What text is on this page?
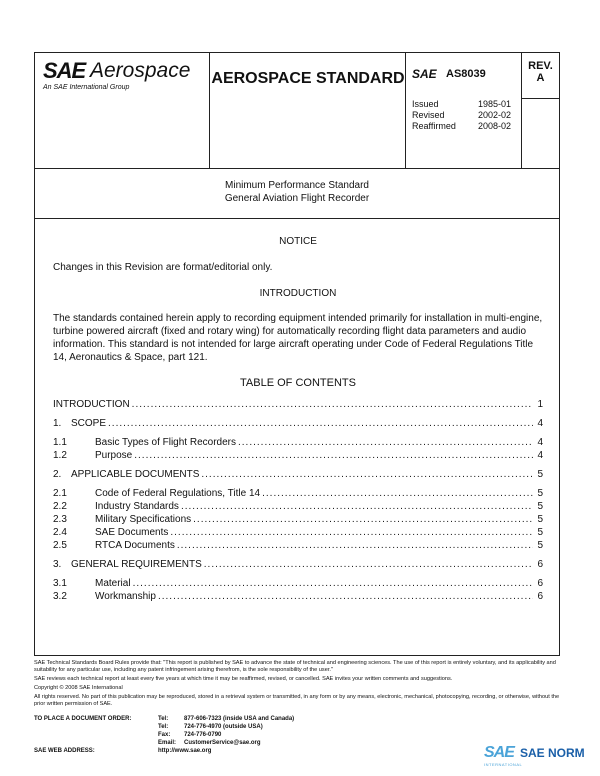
SAE Aerospace
An SAE International Group
AEROSPACE STANDARD SAE AS8039
Issued	1985-01
Revised	2002-02
Reaffirmed 2008-02
REV.
A
Minimum Performance Standard
General Aviation Flight Recorder
NOTICE
Changes in this Revision are format/editorial only.
INTRODUCTION
The standards contained herein apply to recording equipment intended primarily for installation in multi-engine, turbine powered aircraft (fixed and rotary wing) for automatically recording flight data parameters and audio information. This standard is not intended for large aircraft operating under Code of Federal Regulations Title 14, Aeronautics & Space, part 121.
TABLE OF CONTENTS
INTRODUCTION .....	1
1. SCOPE .....	4
1.1	Basic Types of Flight Recorders .....	4
1.2	Purpose .....	4
2. APPLICABLE DOCUMENTS .....	5
2.1	Code of Federal Regulations, Title 14 .....	5
2.2	Industry Standards .....	5
2.3	Military Specifications .....	5
2.4	SAE Documents .....	5
2.5	RTCA Documents .....	5
3. GENERAL REQUIREMENTS .....	6
3.1	Material .....	6
3.2	Workmanship .....	6

SAE Technical Standards Board Rules provide that: "This report is published by SAE to advance the state of technical and engineering sciences. The use of this report is entirely voluntary, and its applicability and suitability for any particular use, including any patent infringement arising therefrom, is the sole responsibility of the user."

SAE reviews each technical report at least every five years at which time it may be reaffirmed, revised, or cancelled. SAE invites your written comments and suggestions.

Copyright © 2008 SAE International

All rights reserved. No part of this publication may be reproduced, stored in a retrieval system or transmitted, in any form or by any means, electronic, mechanical, photocopying, recording, or otherwise, without the prior written permission of SAE.

TO PLACE A DOCUMENT ORDER:	Tel:	877-606-7323 (inside USA and Canada)
Tel:	724-776-4970 (outside USA)
Fax:	724-776-0790
Email:	CustomerService@sae.org
SAE WEB ADDRESS:	http://www.sae.org	SAE SAE NORM
INTERNATIONAL
